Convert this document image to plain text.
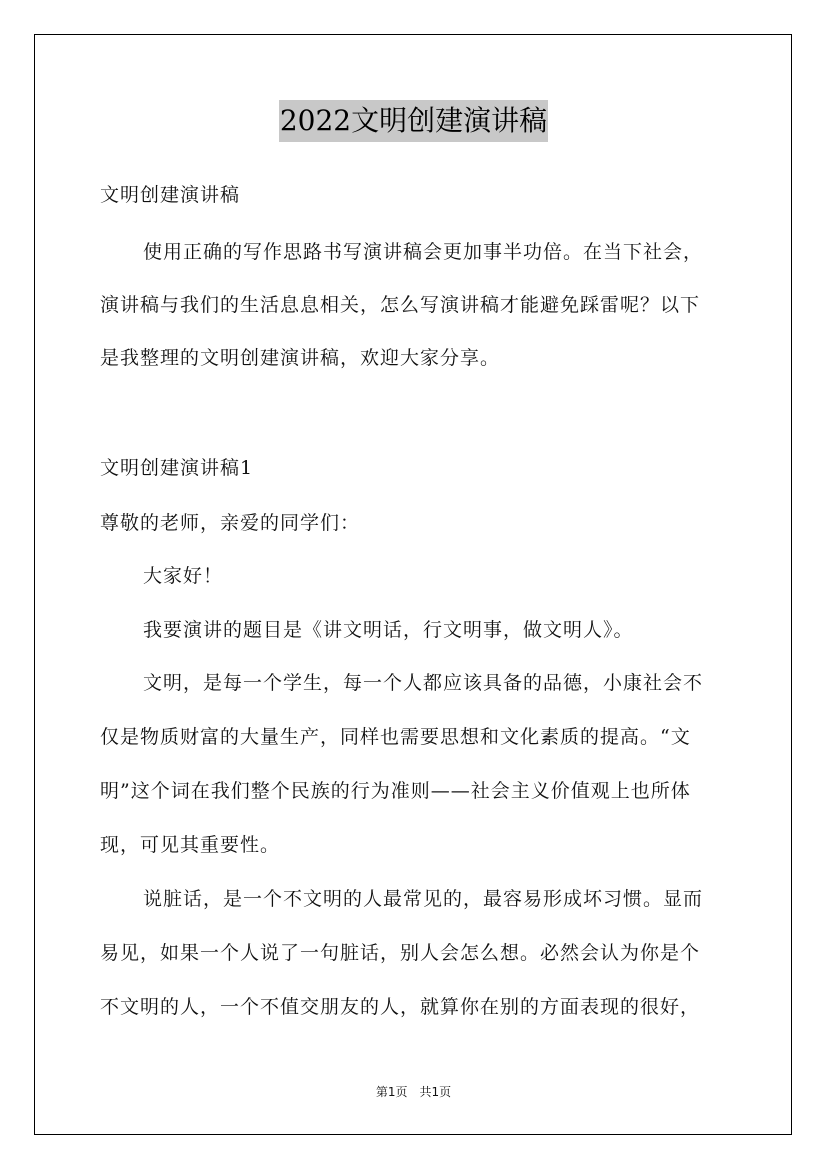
2022文明创建演讲稿
文明创建演讲稿
使用正确的写作思路书写演讲稿会更加事半功倍。在当下社会，
演讲稿与我们的生活息息相关，怎么写演讲稿才能避免踩雷呢？以下
是我整理的文明创建演讲稿，欢迎大家分享。
文明创建演讲稿1
尊敬的老师，亲爱的同学们：
大家好！
我要演讲的题目是《讲文明话，行文明事，做文明人》。
文明，是每一个学生，每一个人都应该具备的品德，小康社会不
仅是物质财富的大量生产，同样也需要思想和文化素质的提高。“文
明”这个词在我们整个民族的行为准则——社会主义价值观上也所体
现，可见其重要性。
说脏话，是一个不文明的人最常见的，最容易形成坏习惯。显而
易见，如果一个人说了一句脏话，别人会怎么想。必然会认为你是个
不文明的人，一个不值交朋友的人，就算你在别的方面表现的很好，
第1页　共1页
